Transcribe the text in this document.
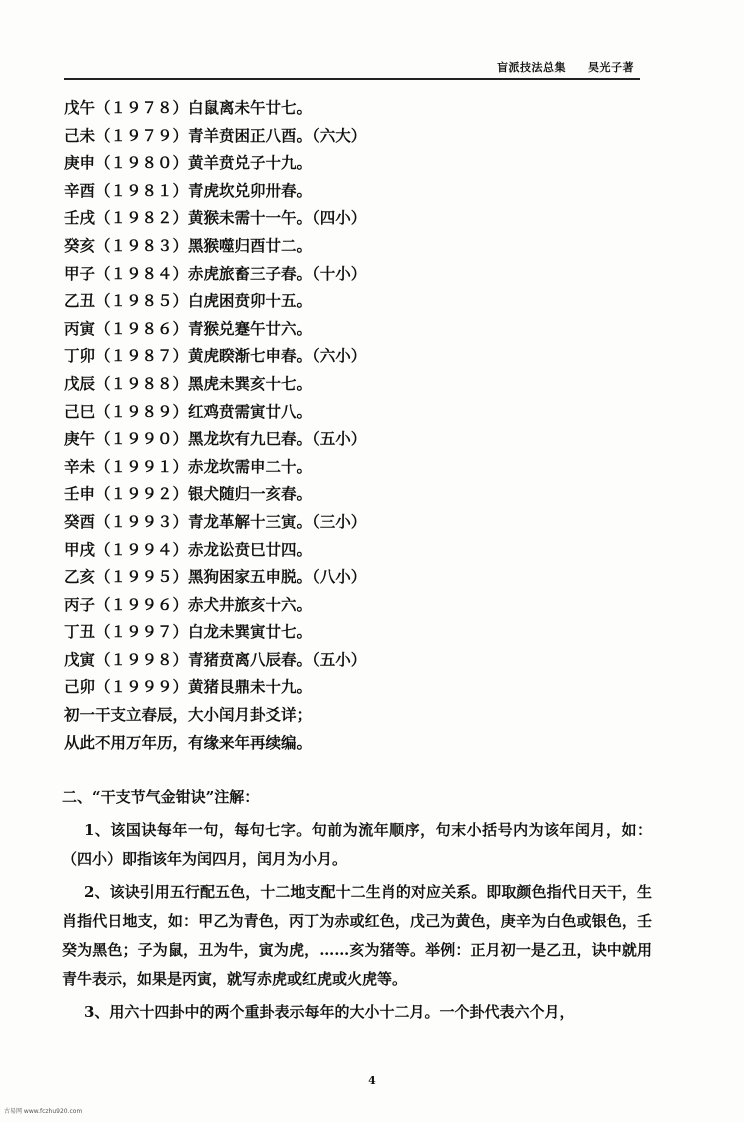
盲派技法总集 昊光子著
戊午（１９７８）白鼠离未午廿七。
己未（１９７９）青羊贲困正八酉。（六大）
庚申（１９８０）黄羊贲兑子十九。
辛酉（１９８１）青虎坎兑卯卅春。
壬戌（１９８２）黄猴未需十一午。（四小）
癸亥（１９８３）黑猴噬归酉廿二。
甲子（１９８４）赤虎旅畜三子春。（十小）
乙丑（１９８５）白虎困贲卯十五。
丙寅（１９８６）青猴兑蹇午廿六。
丁卯（１９８７）黄虎睽渐七申春。（六小）
戊辰（１９８８）黑虎未巽亥十七。
己巳（１９８９）红鸡贲需寅廿八。
庚午（１９９０）黑龙坎有九巳春。（五小）
辛未（１９９１）赤龙坎需申二十。
壬申（１９９２）银犬随归一亥春。
癸酉（１９９３）青龙革解十三寅。（三小）
甲戌（１９９４）赤龙讼贲巳廿四。
乙亥（１９９５）黑狗困家五申脱。（八小）
丙子（１９９６）赤犬井旅亥十六。
丁丑（１９９７）白龙未巽寅廿七。
戊寅（１９９８）青猪贲离八辰春。（五小）
己卯（１９９９）黄猪艮鼎未十九。
初一干支立春辰，大小闰月卦爻详；
从此不用万年历，有缘来年再续编。
二、“干支节气金钳诀”注解：
1、该国诀每年一句，每句七字。句前为流年顺序，句末小括号内为该年闰月，如：（四小）即指该年为闰四月，闰月为小月。
2、该诀引用五行配五色，十二地支配十二生肖的对应关系。即取颜色指代日天干，生肖指代日地支，如：甲乙为青色，丙丁为赤或红色，戊己为黄色，庚辛为白色或银色，壬癸为黑色；子为鼠，丑为牛，寅为虎，……亥为猪等。举例：正月初一是乙丑，诀中就用青牛表示，如果是丙寅，就写赤虎或红虎或火虎等。
3、用六十四卦中的两个重卦表示每年的大小十二月。一个卦代表六个月，
4
古易网 www.fczhu920.com
